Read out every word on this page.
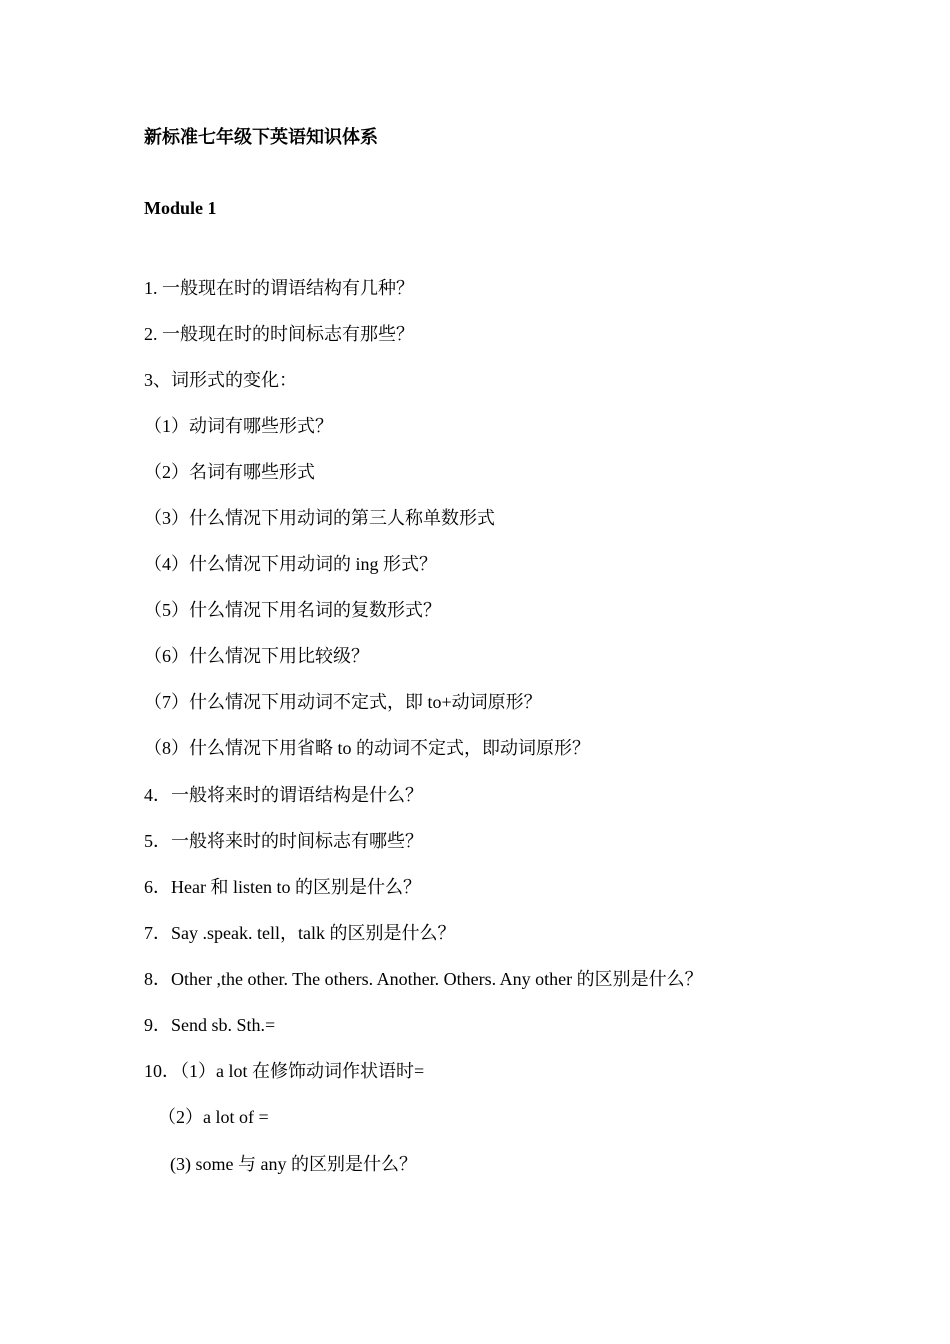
新标准七年级下英语知识体系
Module 1
1. 一般现在时的谓语结构有几种？
2. 一般现在时的时间标志有那些？
3、词形式的变化：
（1）动词有哪些形式？
（2）名词有哪些形式
（3）什么情况下用动词的第三人称单数形式
（4）什么情况下用动词的 ing 形式？
（5）什么情况下用名词的复数形式？
（6）什么情况下用比较级？
（7）什么情况下用动词不定式，即 to+动词原形？
（8）什么情况下用省略 to 的动词不定式，即动词原形？
4．一般将来时的谓语结构是什么？
5．一般将来时的时间标志有哪些？
6．Hear 和 listen to 的区别是什么？
7．Say .speak. tell，talk 的区别是什么？
8．Other ,the other. The others. Another. Others. Any other 的区别是什么？
9．Send sb. Sth.=
10．（1）a lot 在修饰动词作状语时=
（2）a lot of =
(3) some 与 any 的区别是什么？
